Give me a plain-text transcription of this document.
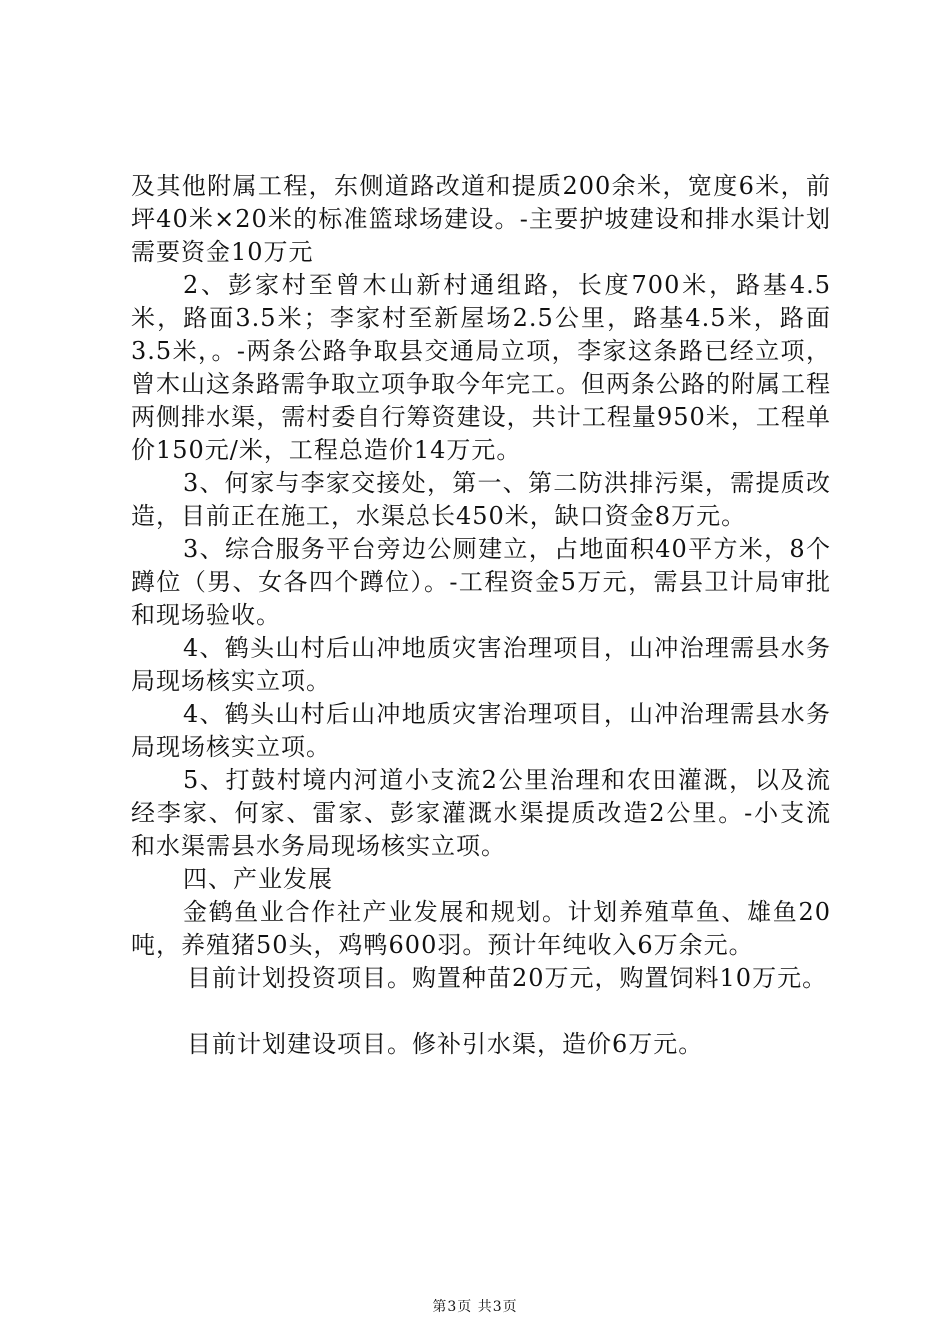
及其他附属工程，东侧道路改道和提质200余米，宽度6米，前坪40米×20米的标准篮球场建设。-主要护坡建设和排水渠计划需要资金10万元

2、彭家村至曾木山新村通组路，长度700米，路基4.5米，路面3.5米；李家村至新屋场2.5公里，路基4.5米，路面3.5米，。-两条公路争取县交通局立项，李家这条路已经立项，曾木山这条路需争取立项争取今年完工。但两条公路的附属工程两侧排水渠，需村委自行筹资建设，共计工程量950米，工程单价150元/米，工程总造价14万元。

3、何家与李家交接处，第一、第二防洪排污渠，需提质改造，目前正在施工，水渠总长450米，缺口资金8万元。

3、综合服务平台旁边公厕建立，占地面积40平方米，8个蹲位（男、女各四个蹲位）。-工程资金5万元，需县卫计局审批和现场验收。

4、鹤头山村后山冲地质灾害治理项目，山冲治理需县水务局现场核实立项。

4、鹤头山村后山冲地质灾害治理项目，山冲治理需县水务局现场核实立项。

5、打鼓村境内河道小支流2公里治理和农田灌溉，以及流经李家、何家、雷家、彭家灌溉水渠提质改造2公里。-小支流和水渠需县水务局现场核实立项。

四、产业发展

金鹤鱼业合作社产业发展和规划。计划养殖草鱼、雄鱼20吨，养殖猪50头，鸡鸭600羽。预计年纯收入6万余元。

目前计划投资项目。购置种苗20万元，购置饲料10万元。

目前计划建设项目。修补引水渠，造价6万元。

第3页 共3页
